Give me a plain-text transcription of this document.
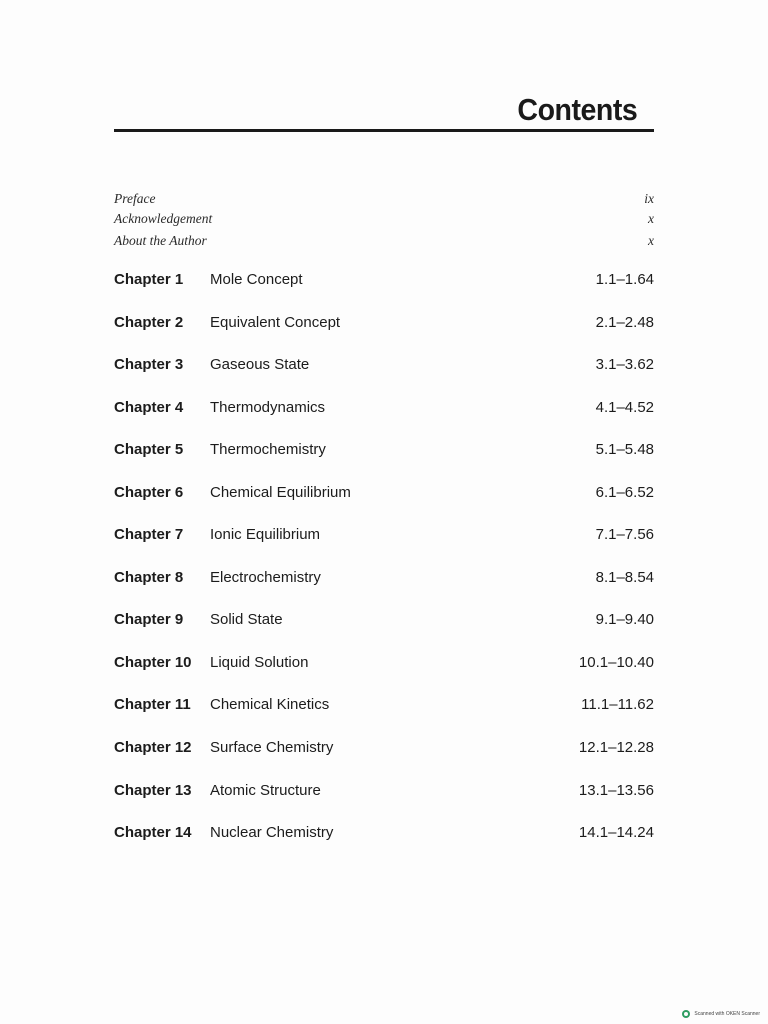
Contents
Preface	ix
Acknowledgement	x
About the Author	x
Chapter 1 Mole Concept	1.1–1.64
Chapter 2 Equivalent Concept	2.1–2.48
Chapter 3 Gaseous State	3.1–3.62
Chapter 4 Thermodynamics	4.1–4.52
Chapter 5 Thermochemistry	5.1–5.48
Chapter 6 Chemical Equilibrium	6.1–6.52
Chapter 7 Ionic Equilibrium	7.1–7.56
Chapter 8 Electrochemistry	8.1–8.54
Chapter 9 Solid State	9.1–9.40
Chapter 10 Liquid Solution	10.1–10.40
Chapter 11 Chemical Kinetics	11.1–11.62
Chapter 12 Surface Chemistry	12.1–12.28
Chapter 13 Atomic Structure	13.1–13.56
Chapter 14 Nuclear Chemistry	14.1–14.24
Scanned with OKEN Scanner
